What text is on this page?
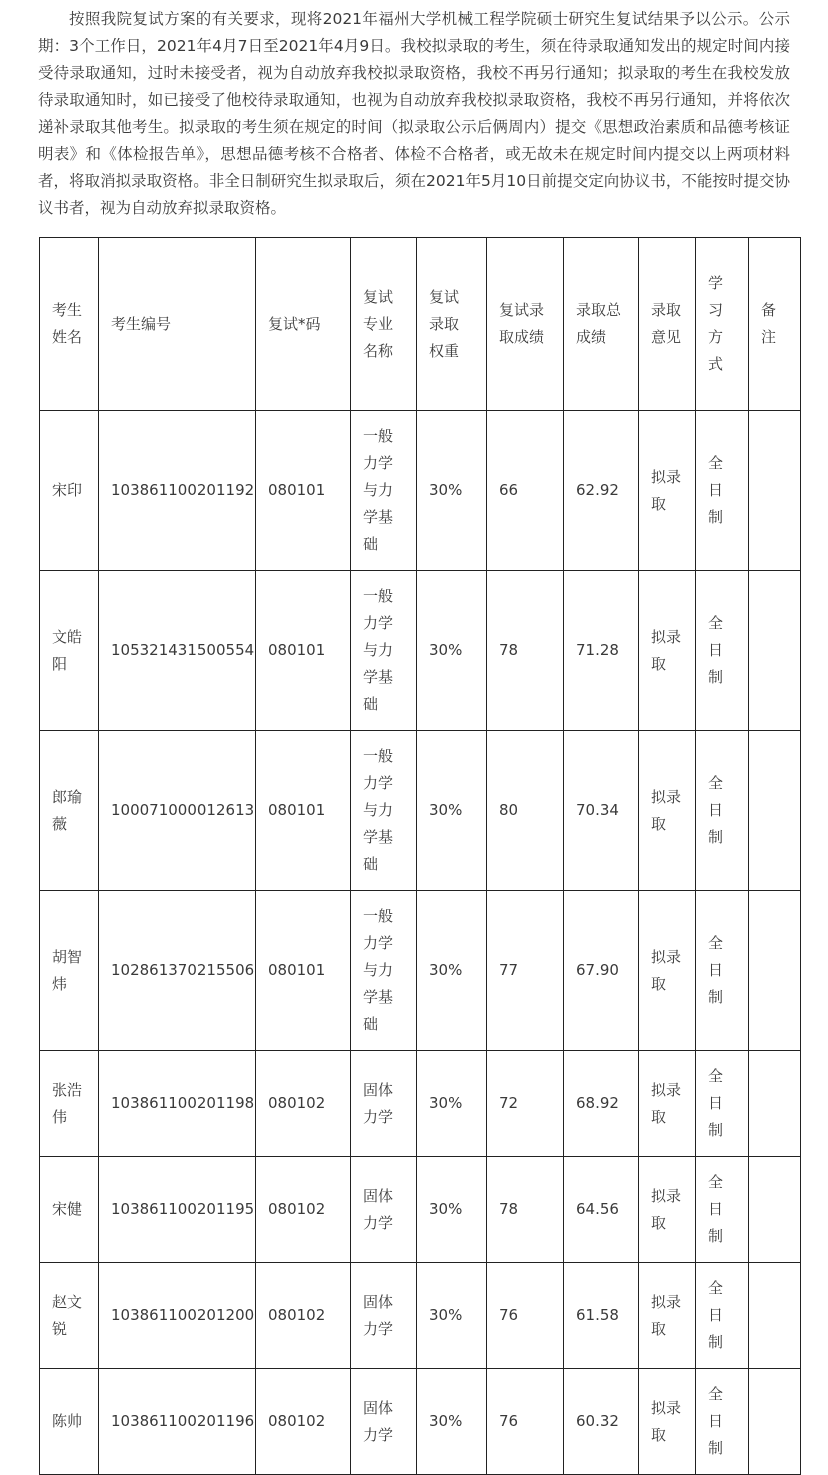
按照我院复试方案的有关要求，现将2021年福州大学机械工程学院硕士研究生复试结果予以公示。公示期：3个工作日，2021年4月7日至2021年4月9日。我校拟录取的考生，须在待录取通知发出的规定时间内接受待录取通知，过时未接受者，视为自动放弃我校拟录取资格，我校不再另行通知；拟录取的考生在我校发放待录取通知时，如已接受了他校待录取通知，也视为自动放弃我校拟录取资格，我校不再另行通知，并将依次递补录取其他考生。拟录取的考生须在规定的时间（拟录取公示后俩周内）提交《思想政治素质和品德考核证明表》和《体检报告单》，思想品德考核不合格者、体检不合格者，或无故未在规定时间内提交以上两项材料者，将取消拟录取资格。非全日制研究生拟录取后，须在2021年5月10日前提交定向协议书，不能按时提交协议书者，视为自动放弃拟录取资格。

考生姓名	考生编号	复试*码	复试专业名称	复试录取权重	复试录取成绩	录取总成绩	录取意见	学习方式	备注

宋印	103861100201192	080101	一般力学与力学基础	30%	66	62.92	拟录取	全日制	

文皓阳	105321431500554	080101	一般力学与力学基础	30%	78	71.28	拟录取	全日制	

郎瑜薇	100071000012613	080101	一般力学与力学基础	30%	80	70.34	拟录取	全日制	

胡智炜	102861370215506	080101	一般力学与力学基础	30%	77	67.90	拟录取	全日制	

张浩伟	103861100201198	080102	固体力学	30%	72	68.92	拟录取	全日制	

宋健	103861100201195	080102	固体力学	30%	78	64.56	拟录取	全日制	

赵文锐	103861100201200	080102	固体力学	30%	76	61.58	拟录取	全日制	

陈帅	103861100201196	080102	固体力学	30%	76	60.32	拟录取	全日制	
